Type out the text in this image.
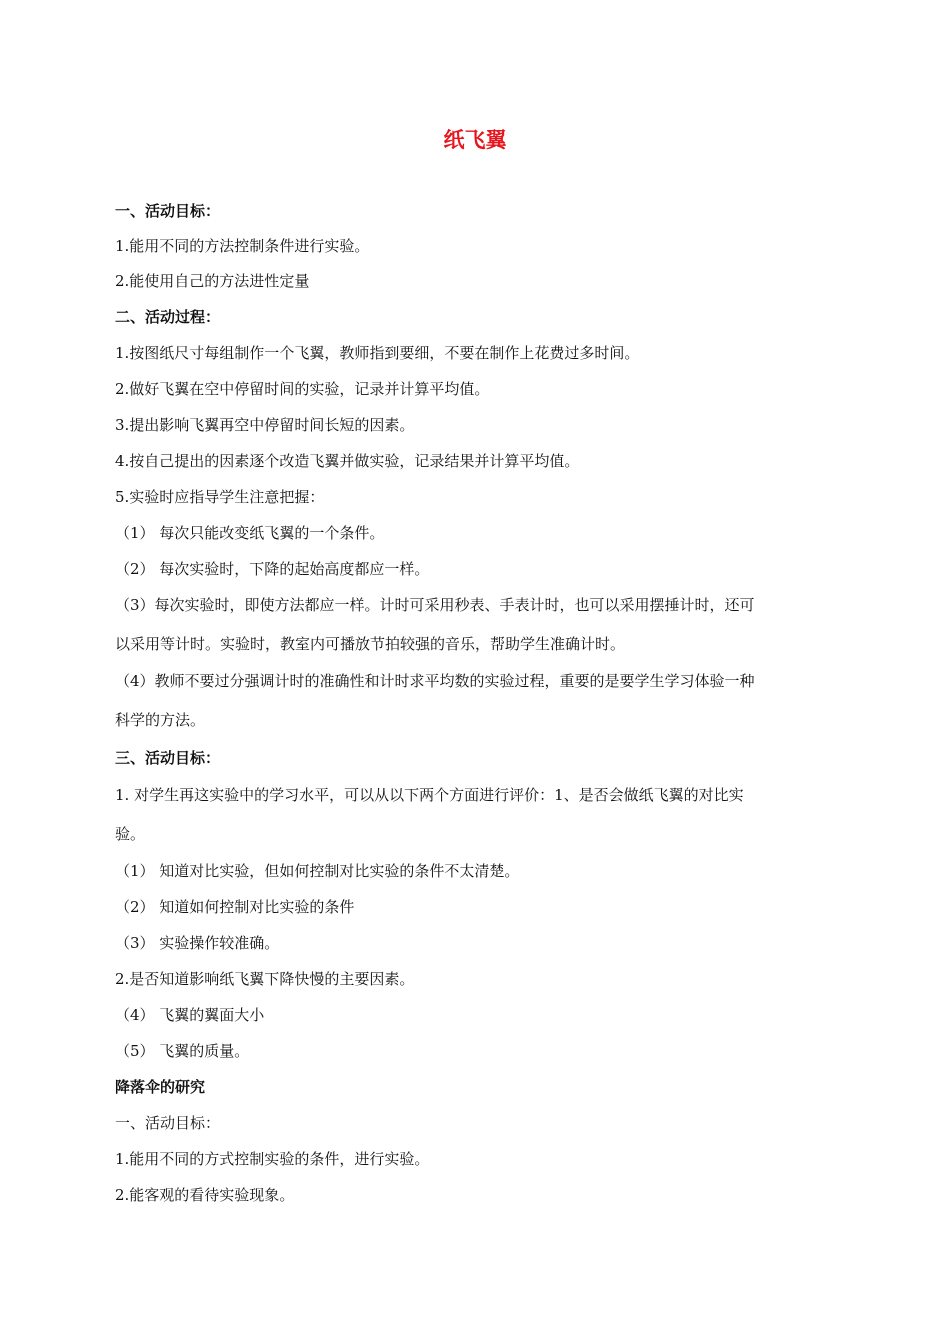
纸飞翼
一、活动目标：
1.能用不同的方法控制条件进行实验。
2.能使用自己的方法进性定量
二、活动过程：
1.按图纸尺寸每组制作一个飞翼，教师指到要细，不要在制作上花费过多时间。
2.做好飞翼在空中停留时间的实验，记录并计算平均值。
3.提出影响飞翼再空中停留时间长短的因素。
4.按自己提出的因素逐个改造飞翼并做实验，记录结果并计算平均值。
5.实验时应指导学生注意把握：
（1） 每次只能改变纸飞翼的一个条件。
（2） 每次实验时，下降的起始高度都应一样。
（3）每次实验时，即使方法都应一样。计时可采用秒表、手表计时，也可以采用摆捶计时，还可
以采用等计时。实验时，教室内可播放节拍较强的音乐，帮助学生准确计时。
（4）教师不要过分强调计时的准确性和计时求平均数的实验过程，重要的是要学生学习体验一种
科学的方法。
三、活动目标：
1. 对学生再这实验中的学习水平，可以从以下两个方面进行评价：1、是否会做纸飞翼的对比实
验。
（1） 知道对比实验，但如何控制对比实验的条件不太清楚。
（2） 知道如何控制对比实验的条件
（3） 实验操作较准确。
2.是否知道影响纸飞翼下降快慢的主要因素。
（4） 飞翼的翼面大小
（5） 飞翼的质量。
降落伞的研究
一、活动目标：
1.能用不同的方式控制实验的条件，进行实验。
2.能客观的看待实验现象。
